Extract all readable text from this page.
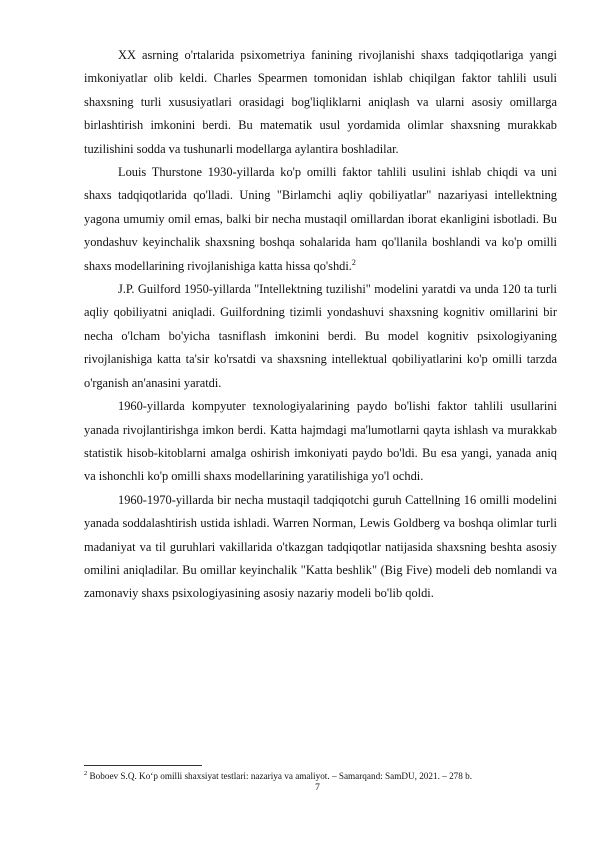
XX asrning o'rtalarida psixometriya fanining rivojlanishi shaxs tadqiqotlariga yangi imkoniyatlar olib keldi. Charles Spearmen tomonidan ishlab chiqilgan faktor tahlili usuli shaxsning turli xususiyatlari orasidagi bog'liqliklarni aniqlash va ularni asosiy omillarga birlashtirish imkonini berdi. Bu matematik usul yordamida olimlar shaxsning murakkab tuzilishini sodda va tushunarli modellarga aylantira boshladilar.

Louis Thurstone 1930-yillarda ko'p omilli faktor tahlili usulini ishlab chiqdi va uni shaxs tadqiqotlarida qo'lladi. Uning "Birlamchi aqliy qobiliyatlar" nazariyasi intellektning yagona umumiy omil emas, balki bir necha mustaqil omillardan iborat ekanligini isbotladi. Bu yondashuv keyinchalik shaxsning boshqa sohalarida ham qo'llanila boshlandi va ko'p omilli shaxs modellarining rivojlanishiga katta hissa qo'shdi.$^2$

J.P. Guilford 1950-yillarda "Intellektning tuzilishi" modelini yaratdi va unda 120 ta turli aqliy qobiliyatni aniqladi. Guilfordning tizimli yondashuvi shaxsning kognitiv omillarini bir necha o'lcham bo'yicha tasniflash imkonini berdi. Bu model kognitiv psixologiyaning rivojlanishiga katta ta'sir ko'rsatdi va shaxsning intellektual qobiliyatlarini ko'p omilli tarzda o'rganish an'anasini yaratdi.

1960-yillarda kompyuter texnologiyalarining paydo bo'lishi faktor tahlili usullarini yanada rivojlantirishga imkon berdi. Katta hajmdagi ma'lumotlarni qayta ishlash va murakkab statistik hisob-kitoblarni amalga oshirish imkoniyati paydo bo'ldi. Bu esa yangi, yanada aniq va ishonchli ko'p omilli shaxs modellarining yaratilishiga yo'l ochdi.

1960-1970-yillarda bir necha mustaqil tadqiqotchi guruh Cattellning 16 omilli modelini yanada soddalashtirish ustida ishladi. Warren Norman, Lewis Goldberg va boshqa olimlar turli madaniyat va til guruhlari vakillarida o'tkazgan tadqiqotlar natijasida shaxsning beshta asosiy omilini aniqladilar. Bu omillar keyinchalik "Katta beshlik" (Big Five) modeli deb nomlandi va zamonaviy shaxs psixologiyasining asosiy nazariy modeli bo'lib qoldi.

$^2$ Boboev S.Q. Ko‘p omilli shaxsiyat testlari: nazariya va amaliyot. – Samarqand: SamDU, 2021. – 278 b.
7
